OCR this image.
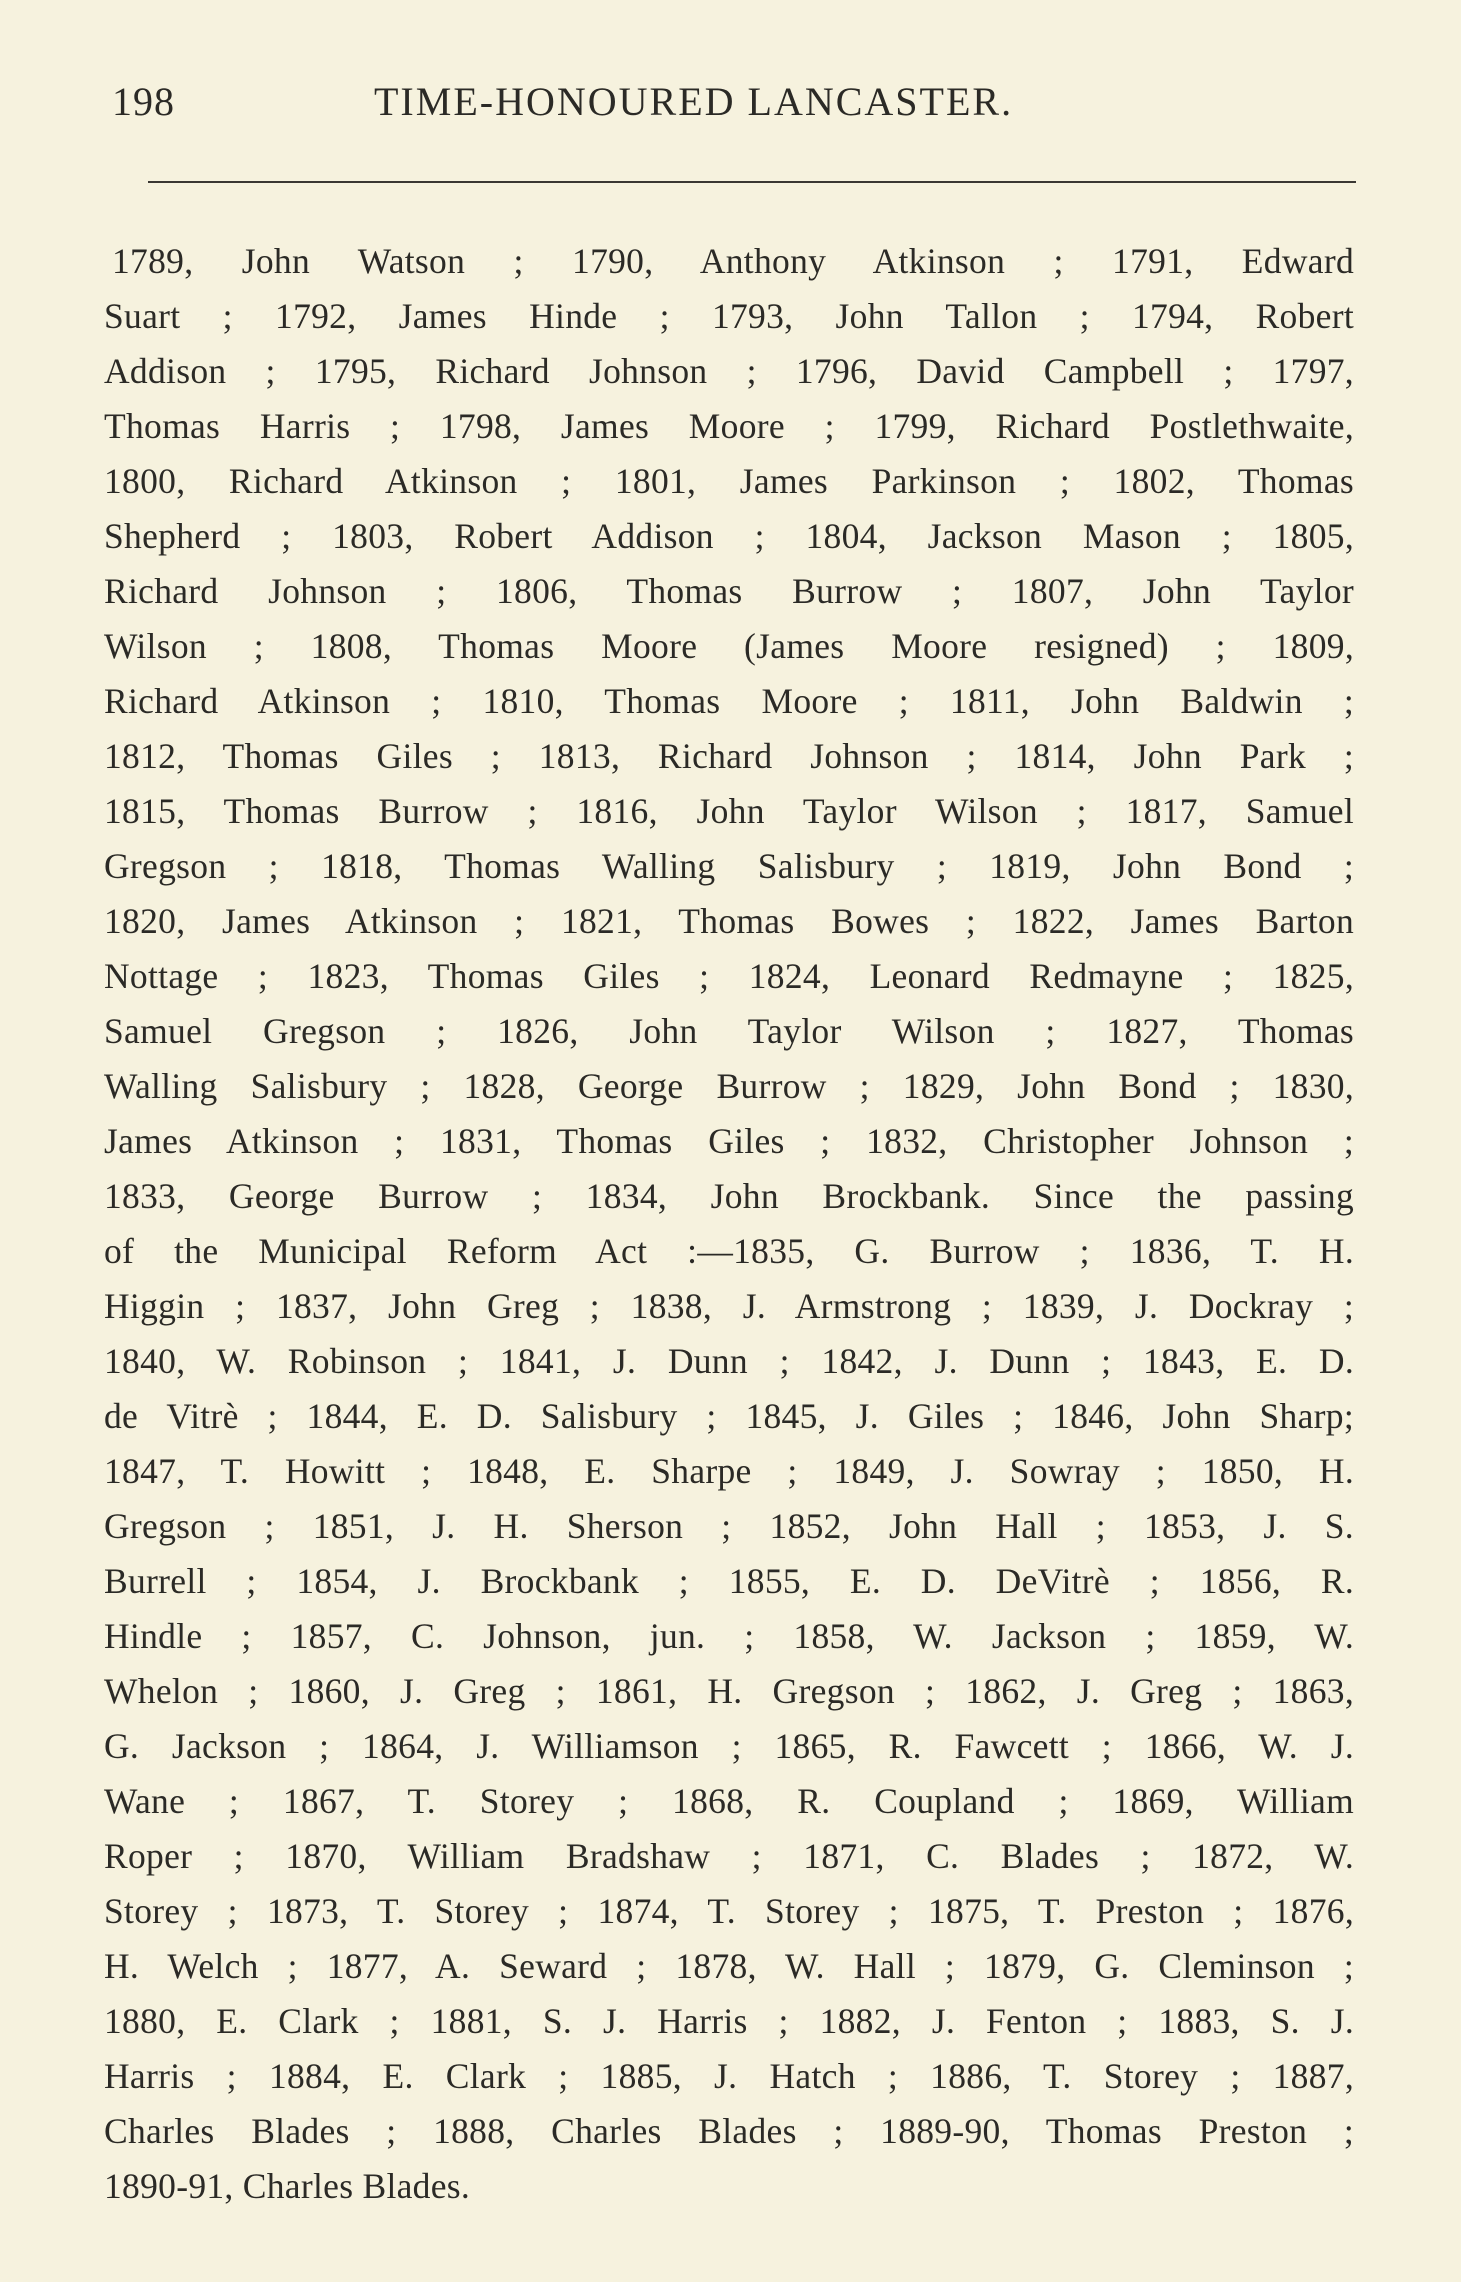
198	TIME-HONOURED LANCASTER.
1789, John Watson ; 1790, Anthony Atkinson ; 1791, Edward
Suart ; 1792, James Hinde ; 1793, John Tallon ; 1794, Robert
Addison ; 1795, Richard Johnson ; 1796, David Campbell ; 1797,
Thomas Harris ; 1798, James Moore ; 1799, Richard Postlethwaite,
1800, Richard Atkinson ; 1801, James Parkinson ; 1802, Thomas
Shepherd ; 1803, Robert Addison ; 1804, Jackson Mason ; 1805,
Richard Johnson ; 1806, Thomas Burrow ; 1807, John Taylor
Wilson ; 1808, Thomas Moore (James Moore resigned) ; 1809,
Richard Atkinson ; 1810, Thomas Moore ; 1811, John Baldwin ;
1812, Thomas Giles ; 1813, Richard Johnson ; 1814, John Park ;
1815, Thomas Burrow ; 1816, John Taylor Wilson ; 1817, Samuel
Gregson ; 1818, Thomas Walling Salisbury ; 1819, John Bond ;
1820, James Atkinson ; 1821, Thomas Bowes ; 1822, James Barton
Nottage ; 1823, Thomas Giles ; 1824, Leonard Redmayne ; 1825,
Samuel Gregson ; 1826, John Taylor Wilson ; 1827, Thomas
Walling Salisbury ; 1828, George Burrow ; 1829, John Bond ; 1830,
James Atkinson ; 1831, Thomas Giles ; 1832, Christopher Johnson ;
1833, George Burrow ; 1834, John Brockbank. Since the passing
of the Municipal Reform Act :—1835, G. Burrow ; 1836, T. H.
Higgin ; 1837, John Greg ; 1838, J. Armstrong ; 1839, J. Dockray ;
1840, W. Robinson ; 1841, J. Dunn ; 1842, J. Dunn ; 1843, E. D.
de Vitrè ; 1844, E. D. Salisbury ; 1845, J. Giles ; 1846, John Sharp;
1847, T. Howitt ; 1848, E. Sharpe ; 1849, J. Sowray ; 1850, H.
Gregson ; 1851, J. H. Sherson ; 1852, John Hall ; 1853, J. S.
Burrell ; 1854, J. Brockbank ; 1855, E. D. DeVitrè ; 1856, R.
Hindle ; 1857, C. Johnson, jun. ; 1858, W. Jackson ; 1859, W.
Whelon ; 1860, J. Greg ; 1861, H. Gregson ; 1862, J. Greg ; 1863,
G. Jackson ; 1864, J. Williamson ; 1865, R. Fawcett ; 1866, W. J.
Wane ; 1867, T. Storey ; 1868, R. Coupland ; 1869, William
Roper ; 1870, William Bradshaw ; 1871, C. Blades ; 1872, W.
Storey ; 1873, T. Storey ; 1874, T. Storey ; 1875, T. Preston ; 1876,
H. Welch ; 1877, A. Seward ; 1878, W. Hall ; 1879, G. Cleminson ;
1880, E. Clark ; 1881, S. J. Harris ; 1882, J. Fenton ; 1883, S. J.
Harris ; 1884, E. Clark ; 1885, J. Hatch ; 1886, T. Storey ; 1887,
Charles Blades ; 1888, Charles Blades ; 1889-90, Thomas Preston ;
1890-91, Charles Blades.
